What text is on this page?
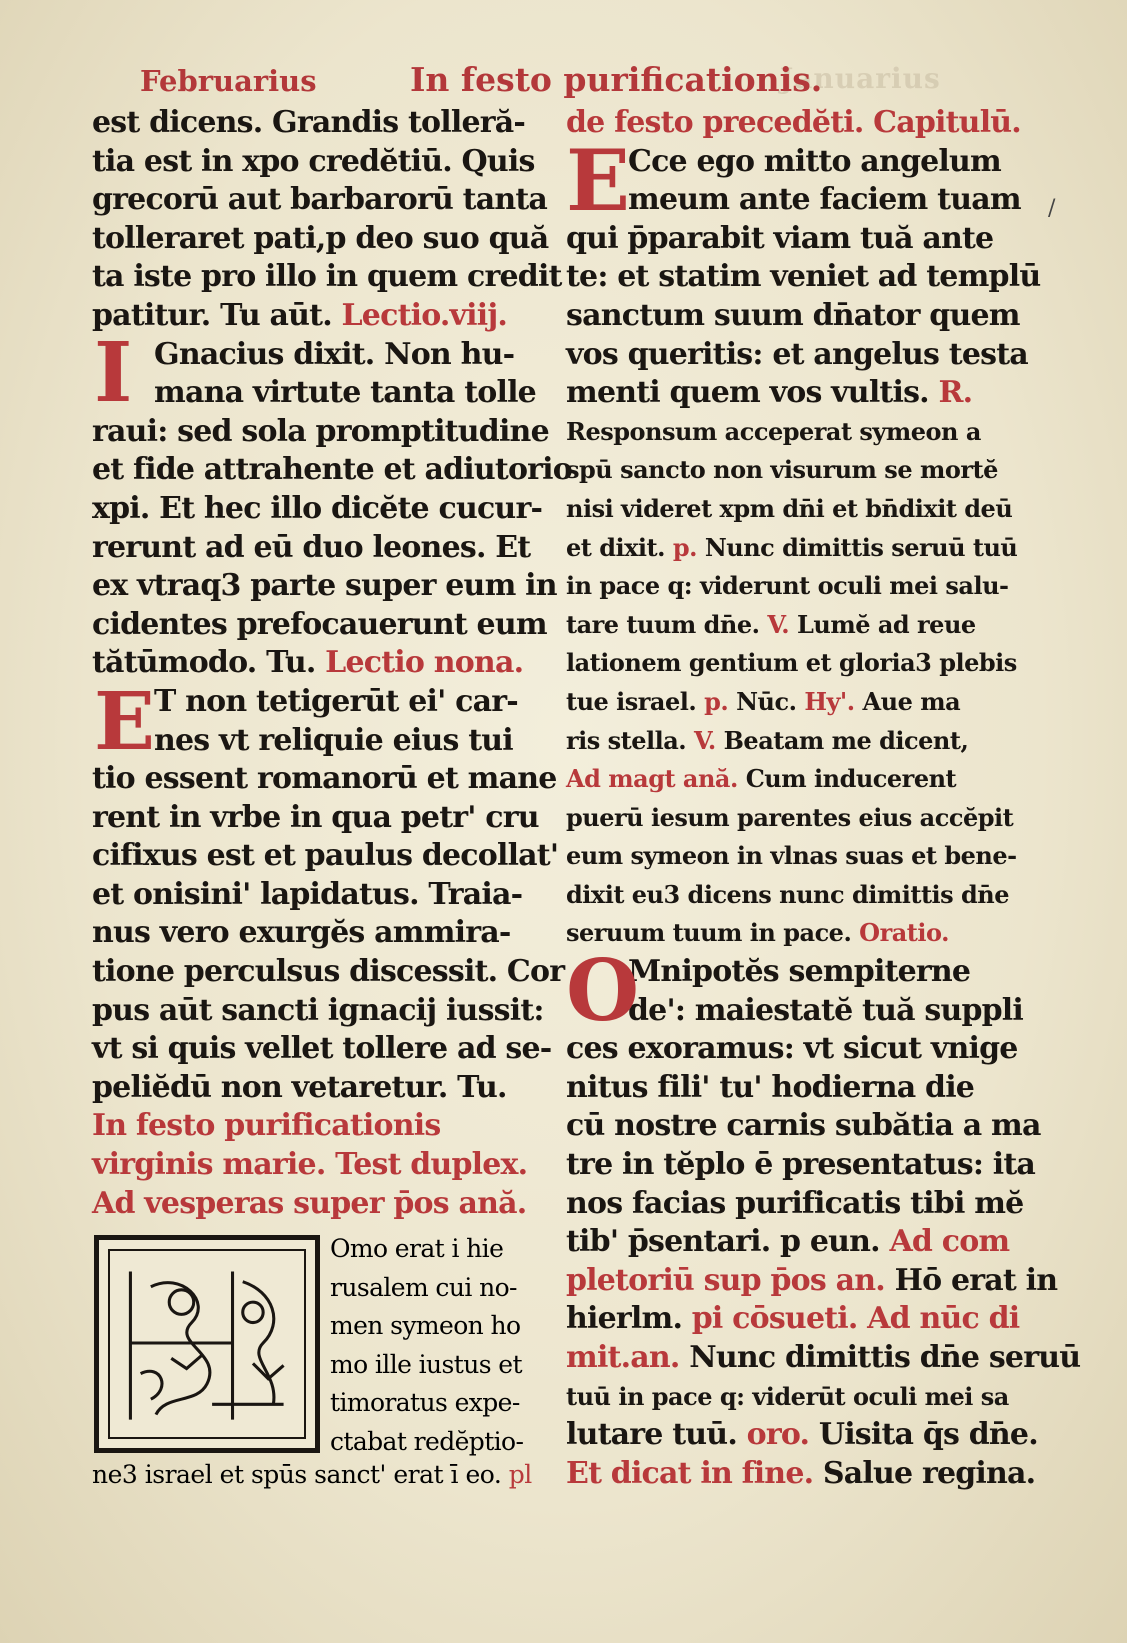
Januarius
Februarius	In festo purificationis.
est dicens. Grandis tolleră-
tia est in xpo credĕtiū. Quis
grecorū aut barbarorū tanta
tolleraret pati,p deo suo quă
ta iste pro illo in quem credit
patitur. Tu aūt. Lectio.viij.
I Gnacius dixit. Non hu-
mana virtute tanta tolle
raui: sed sola promptitudine
et fide attrahente et adiutorio
xpi. Et hec illo dicĕte cucur-
rerunt ad eū duo leones. Et
ex vtraq3 parte super eum in
cidentes prefocauerunt eum
tătūmodo. Tu. Lectio nona.
E T non tetigerūt ei' car-
nes vt reliquie eius tui
tio essent romanorū et mane
rent in vrbe in qua petr' cru
cifixus est et paulus decollat'
et onisini' lapidatus. Traia-
nus vero exurgĕs ammira-
tione perculsus discessit. Cor
pus aūt sancti ignacij iussit:
vt si quis vellet tollere ad se-
peliĕdū non vetaretur. Tu.
In festo purificationis
virginis marie. Test duplex.
Ad vesperas super p̄os ană.
Omo erat i hie
rusalem cui no-
men symeon ho
mo ille iustus et
timoratus expe-
ctabat redĕptio-
ne3 israel et spūs sanct' erat ī eo. pl
de festo precedĕti. Capitulū.
E
Cce ego mitto angelum
meum ante faciem tuam
qui p̄parabit viam tuă ante
te: et statim veniet ad templū
sanctum suum dn̄ator quem
vos queritis: et angelus testa
menti quem vos vultis. R.
Responsum acceperat symeon a
spū sancto non visurum se mortĕ
nisi videret xpm dn̄i et bn̄dixit deū
et dixit. p. Nunc dimittis seruū tuū
in pace q: viderunt oculi mei salu-
tare tuum dn̄e. V. Lumĕ ad reue
lationem gentium et gloria3 plebis
tue israel. p. Nūc. Hy'. Aue ma
ris stella. V. Beatam me dicent,
Ad magt ană. Cum inducerent
puerū iesum parentes eius accĕpit
eum symeon in vlnas suas et bene-
dixit eu3 dicens nunc dimittis dn̄e
seruum tuum in pace. Oratio.
O
Mnipotĕs sempiterne
de': maiestatĕ tuă suppli
ces exoramus: vt sicut vnige
nitus fili' tu' hodierna die
cū nostre carnis subătia a ma
tre in tĕplo ē presentatus: ita
nos facias purificatis tibi mĕ
tib' p̄sentari. p eun. Ad com
pletoriū sup p̄os an. Hō erat in
hierlm. pi cōsueti. Ad nūc di
mit.an. Nunc dimittis dn̄e seruū
tuū in pace q: viderūt oculi mei sa
lutare tuū. oro. Uisita q̄s dn̄e.
Et dicat in fine. Salue regina.
/
